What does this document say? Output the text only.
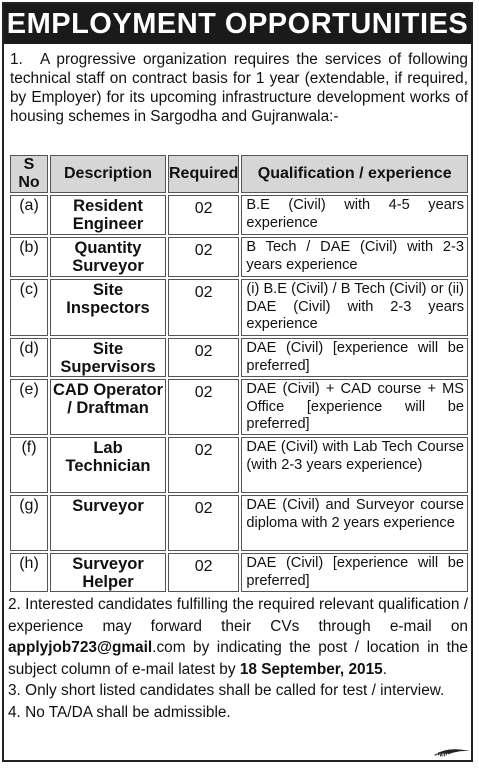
EMPLOYMENT OPPORTUNITIES
1. A progressive organization requires the services of following technical staff on contract basis for 1 year (extendable, if required, by Employer) for its upcoming infrastructure development works of housing schemes in Sargodha and Gujranwala:-
S No	Description	Required	Qualification / experience
(a)	Resident Engineer	02	B.E (Civil) with 4-5 years experience
(b)	Quantity Surveyor	02	B Tech / DAE (Civil) with 2-3 years experience
(c)	Site Inspectors	02	(i) B.E (Civil) / B Tech (Civil) or (ii) DAE (Civil) with 2-3 years experience
(d)	Site Supervisors	02	DAE (Civil) [experience will be preferred]
(e)	CAD Operator / Draftman	02	DAE (Civil) + CAD course + MS Office [experience will be preferred]
(f)	Lab Technician	02	DAE (Civil) with Lab Tech Course (with 2-3 years experience)
(g)	Surveyor	02	DAE (Civil) and Surveyor course diploma with 2 years experience
(h)	Surveyor Helper	02	DAE (Civil) [experience will be preferred]

2. Interested candidates fulfilling the required relevant qualification / experience may forward their CVs through e-mail on applyjob723@gmail.com by indicating the post / location in the subject column of e-mail latest by 18 September, 2015.

3. Only short listed candidates shall be called for test / interview.

4. No TA/DA shall be admissible.

HAWK
